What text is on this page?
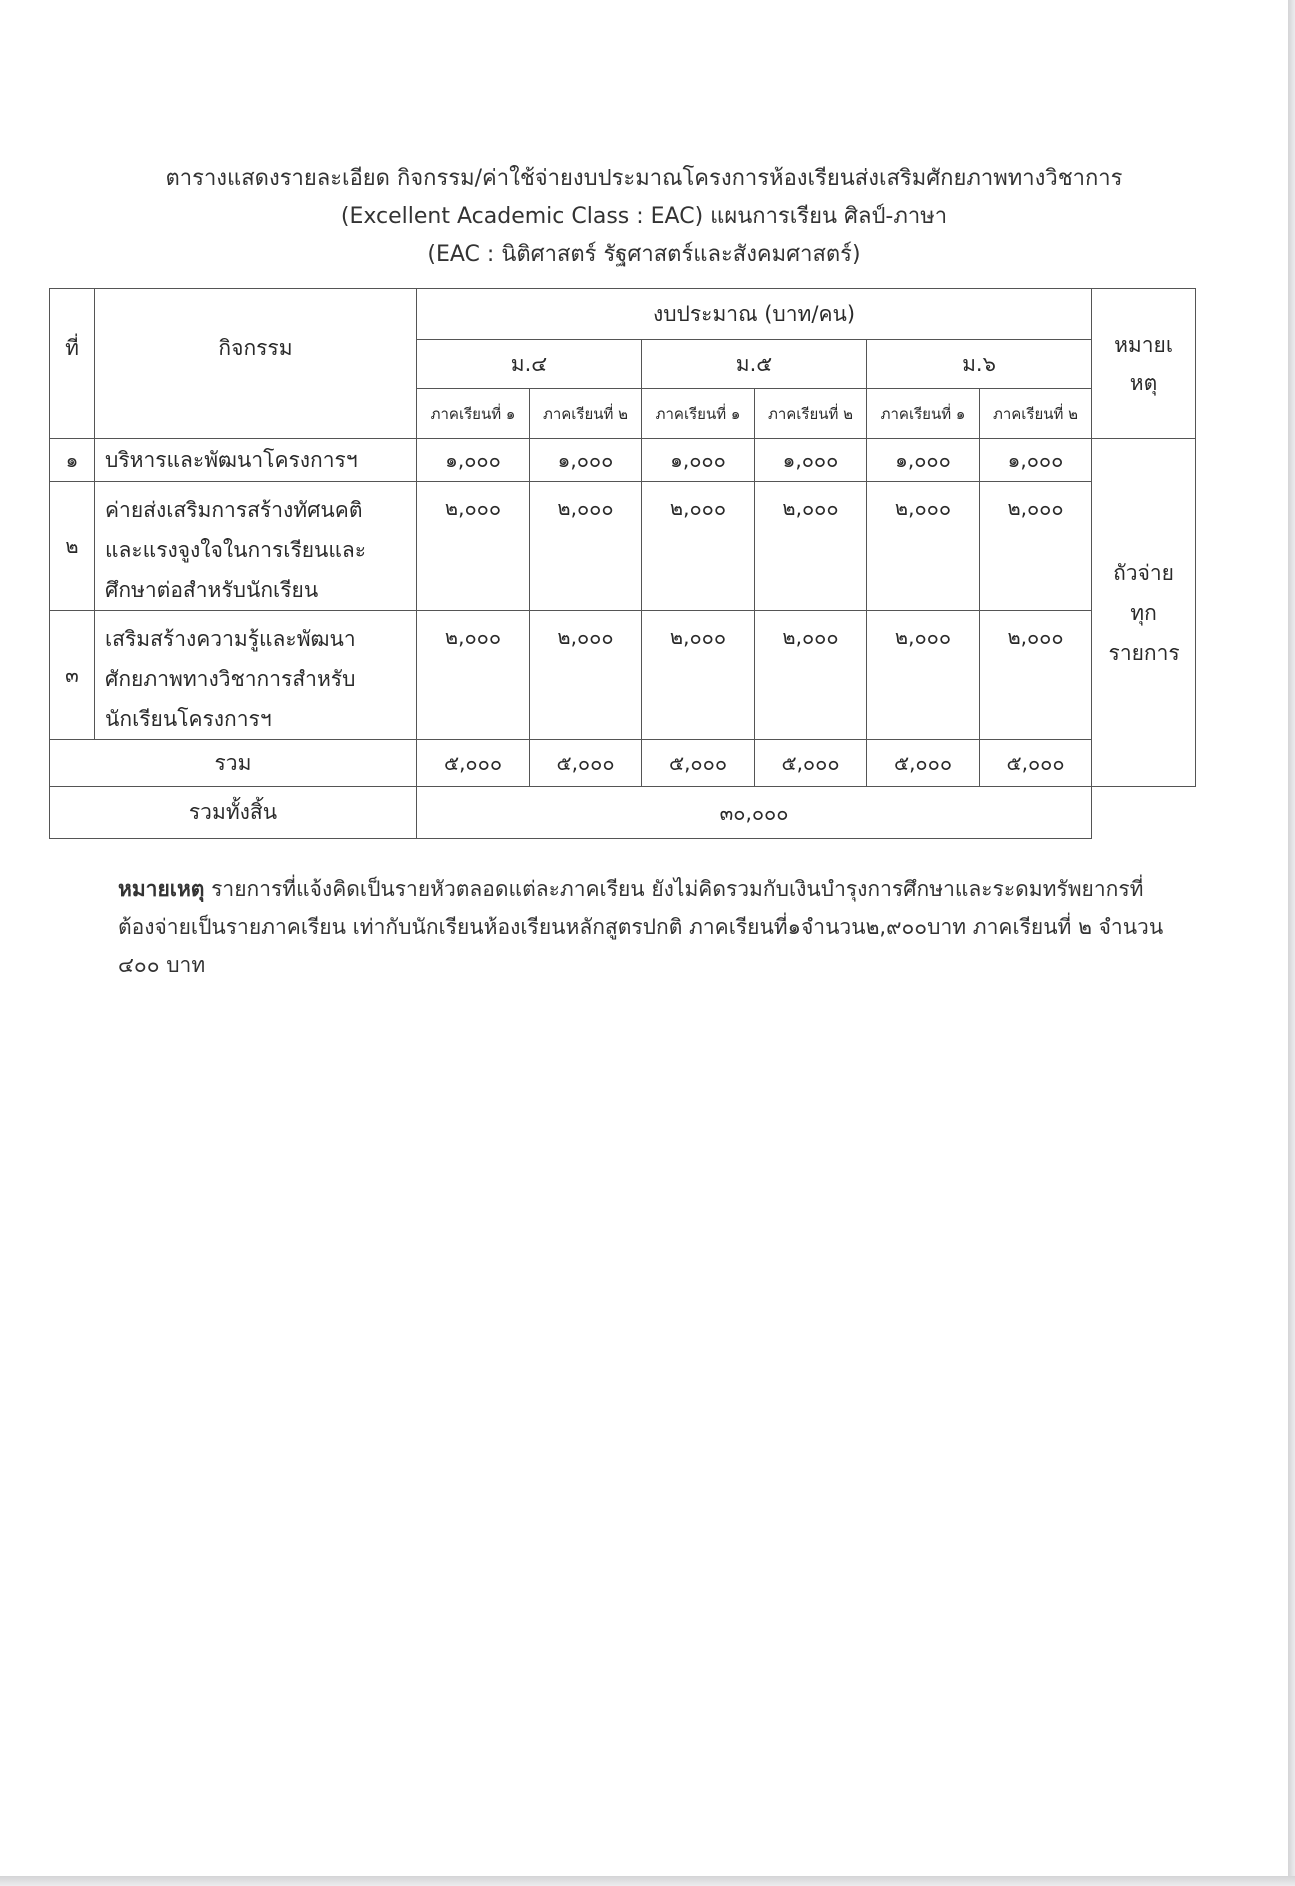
ตารางแสดงรายละเอียด กิจกรรม/ค่าใช้จ่ายงบประมาณโครงการห้องเรียนส่งเสริมศักยภาพทางวิชาการ
(Excellent Academic Class : EAC) แผนการเรียน ศิลป์-ภาษา
(EAC : นิติศาสตร์ รัฐศาสตร์และสังคมศาสตร์)
ที่	กิจกรรม	งบประมาณ (บาท/คน)						หมายเหตุ
		ม.๔		ม.๕		ม.๖		
		ภาคเรียนที่ ๑	ภาคเรียนที่ ๒	ภาคเรียนที่ ๑	ภาคเรียนที่ ๒	ภาคเรียนที่ ๑	ภาคเรียนที่ ๒	
๑	บริหารและพัฒนาโครงการฯ	๑,๐๐๐	๑,๐๐๐	๑,๐๐๐	๑,๐๐๐	๑,๐๐๐	๑,๐๐๐	ถัวจ่ายทุกรายการ
๒	ค่ายส่งเสริมการสร้างทัศนคติและแรงจูงใจในการเรียนและศึกษาต่อสำหรับนักเรียน	๒,๐๐๐	๒,๐๐๐	๒,๐๐๐	๒,๐๐๐	๒,๐๐๐	๒,๐๐๐	
๓	เสริมสร้างความรู้และพัฒนาศักยภาพทางวิชาการสำหรับนักเรียนโครงการฯ	๒,๐๐๐	๒,๐๐๐	๒,๐๐๐	๒,๐๐๐	๒,๐๐๐	๒,๐๐๐	
รวม		๕,๐๐๐	๕,๐๐๐	๕,๐๐๐	๕,๐๐๐	๕,๐๐๐	๕,๐๐๐	
รวมทั้งสิ้น		๓๐,๐๐๐						
หมายเหตุ รายการที่แจ้งคิดเป็นรายหัวตลอดแต่ละภาคเรียน ยังไม่คิดรวมกับเงินบำรุงการศึกษาและระดมทรัพยากรที่ต้องจ่ายเป็นรายภาคเรียน เท่ากับนักเรียนห้องเรียนหลักสูตรปกติ ภาคเรียนที่๑จำนวน๒,๙๐๐บาท ภาคเรียนที่ ๒ จำนวน ๔๐๐ บาท
